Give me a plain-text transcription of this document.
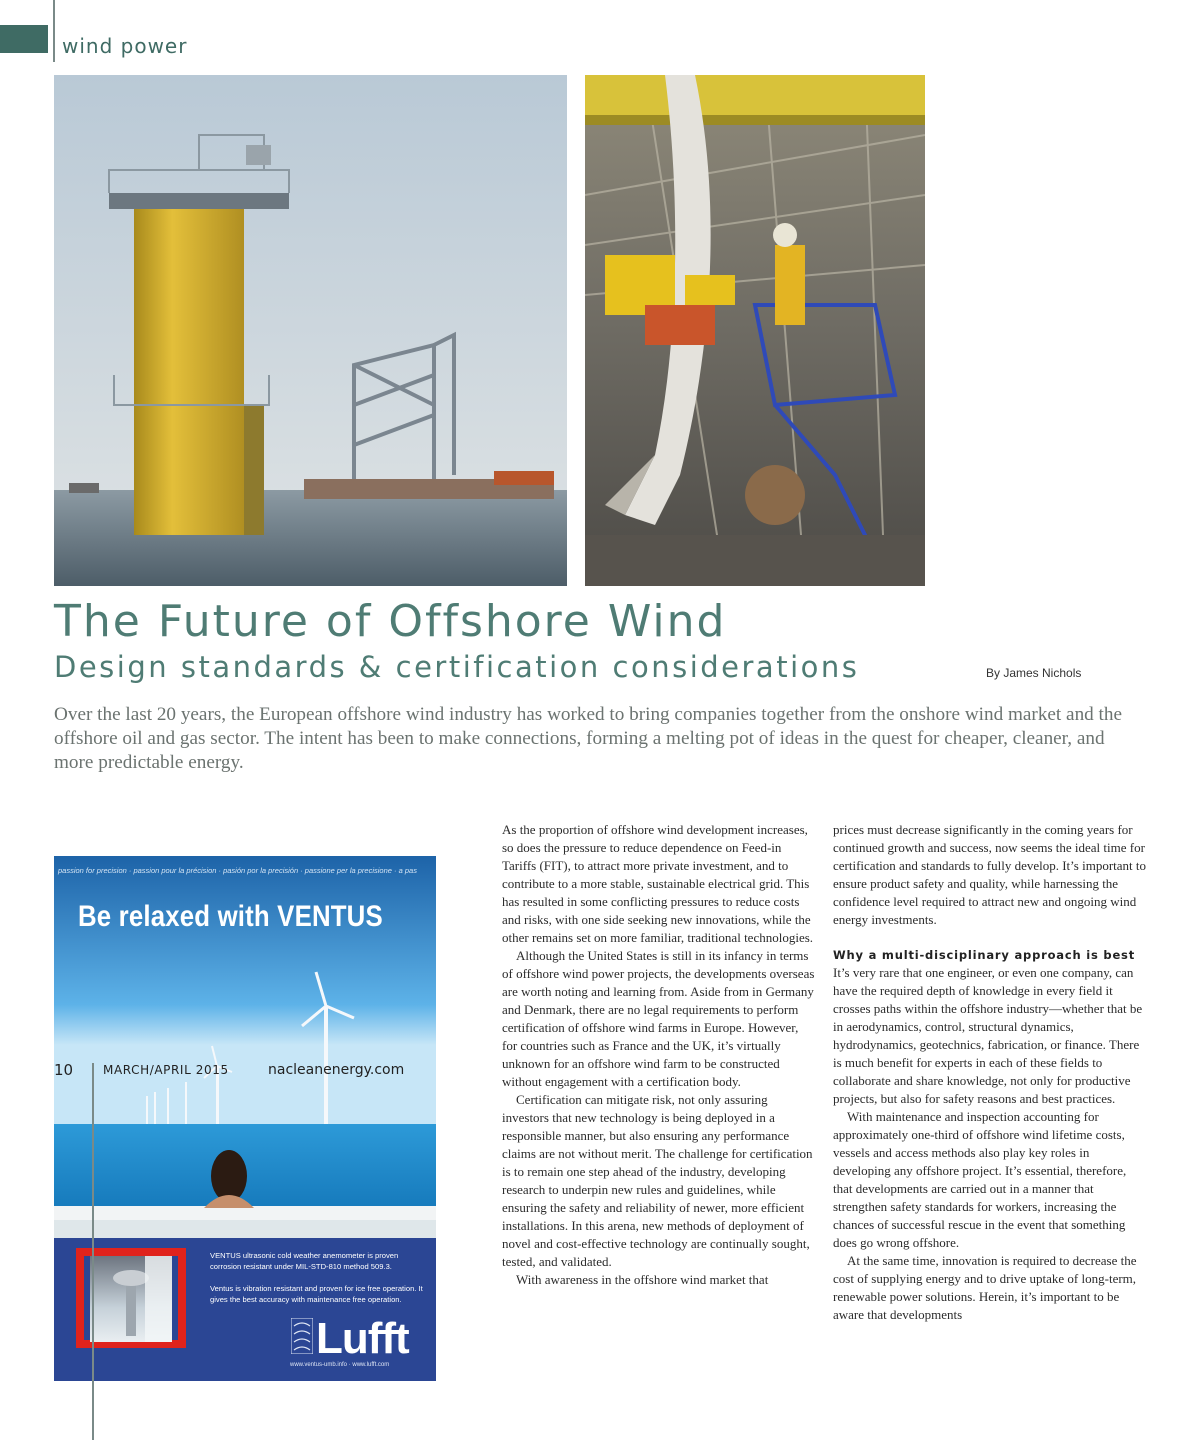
wind power
The Future of Offshore Wind
Design standards & certification considerations	By James Nichols
Over the last 20 years, the European offshore wind industry has worked to bring companies together from the onshore wind market and the offshore oil and gas sector. The intent has been to make connections, forming a melting pot of ideas in the quest for cheaper, cleaner, and more predictable energy.
passion for precision · passion pour la précision · pasión por la precisión · passione per la precisione · a pas
Be relaxed with VENTUS
VENTUS ultrasonic cold weather anemometer is proven corrosion resistant under MIL-STD-810 method 509.3.
Ventus is vibration resistant and proven for ice free operation. It gives the best accuracy with maintenance free operation.
Lufft
www.ventus-umb.info · www.lufft.com

As the proportion of offshore wind development increases, so does the pressure to reduce dependence on Feed-in Tariffs (FIT), to attract more private investment, and to contribute to a more stable, sustainable electrical grid. This has resulted in some conflicting pressures to reduce costs and risks, with one side seeking new innovations, while the other remains set on more familiar, traditional technologies.

Although the United States is still in its infancy in terms of offshore wind power projects, the developments overseas are worth noting and learning from. Aside from in Germany and Denmark, there are no legal requirements to perform certification of offshore wind farms in Europe. However, for countries such as France and the UK, it’s virtually unknown for an offshore wind farm to be constructed without engagement with a certification body.

Certification can mitigate risk, not only assuring investors that new technology is being deployed in a responsible manner, but also ensuring any performance claims are not without merit. The challenge for certification is to remain one step ahead of the industry, developing research to underpin new rules and guidelines, while ensuring the safety and reliability of newer, more efficient installations. In this arena, new methods of deployment of novel and cost-effective technology are continually sought, tested, and validated.

With awareness in the offshore wind market that

prices must decrease significantly in the coming years for continued growth and success, now seems the ideal time for certification and standards to fully develop. It’s important to ensure product safety and quality, while harnessing the confidence level required to attract new and ongoing wind energy investments.

Why a multi-disciplinary approach is best

It’s very rare that one engineer, or even one company, can have the required depth of knowledge in every field it crosses paths within the offshore industry—whether that be in aerodynamics, control, structural dynamics, hydrodynamics, geotechnics, fabrication, or finance. There is much benefit for experts in each of these fields to collaborate and share knowledge, not only for productive projects, but also for safety reasons and best practices.

With maintenance and inspection accounting for approximately one-third of offshore wind lifetime costs, vessels and access methods also play key roles in developing any offshore project. It’s essential, therefore, that developments are carried out in a manner that strengthen safety standards for workers, increasing the chances of successful rescue in the event that something does go wrong offshore.

At the same time, innovation is required to decrease the cost of supplying energy and to drive uptake of long-term, renewable power solutions. Herein, it’s important to be aware that developments

10 MARCH/APRIL 2015	nacleanenergy.com
